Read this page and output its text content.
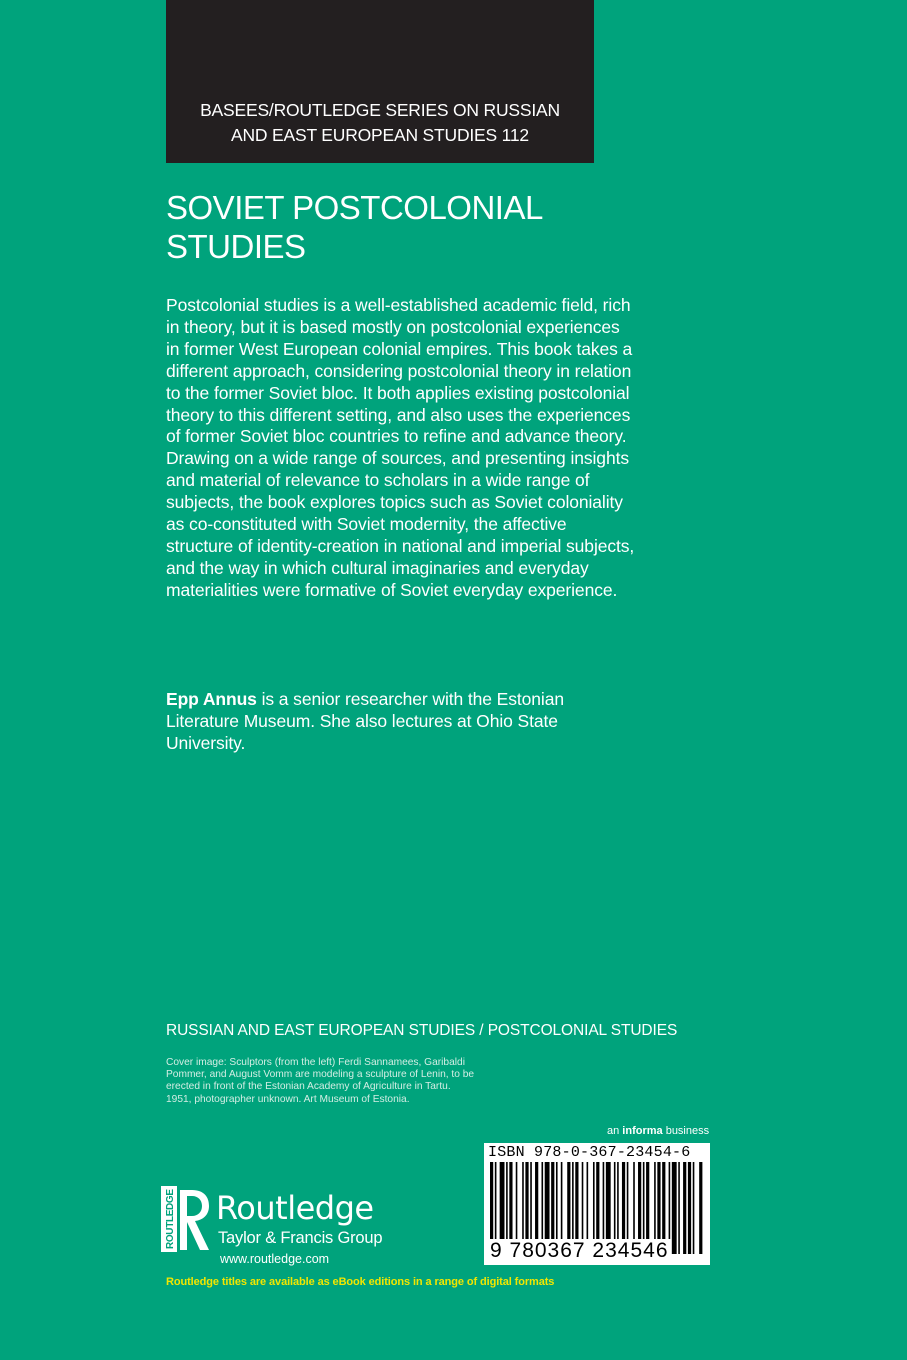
BASEES/ROUTLEDGE SERIES ON RUSSIAN
AND EAST EUROPEAN STUDIES 112
SOVIET POSTCOLONIAL
STUDIES

Postcolonial studies is a well-established academic field, rich in theory, but it is based mostly on postcolonial experiences in former West European colonial empires. This book takes a different approach, considering postcolonial theory in relation to the former Soviet bloc. It both applies existing postcolonial theory to this different setting, and also uses the experiences of former Soviet bloc countries to refine and advance theory. Drawing on a wide range of sources, and presenting insights and material of relevance to scholars in a wide range of subjects, the book explores topics such as Soviet coloniality as co-constituted with Soviet modernity, the affective structure of identity-creation in national and imperial subjects, and the way in which cultural imaginaries and everyday materialities were formative of Soviet everyday experience.

Epp Annus is a senior researcher with the Estonian Literature Museum. She also lectures at Ohio State University.

RUSSIAN AND EAST EUROPEAN STUDIES / POSTCOLONIAL STUDIES
Cover image: Sculptors (from the left) Ferdi Sannamees, Garibaldi Pommer, and August Vomm are modeling a sculpture of Lenin, to be erected in front of the Estonian Academy of Agriculture in Tartu. 1951, photographer unknown. Art Museum of Estonia.
an informa business
ISBN 978-0-367-23454-6
9 780367 234546
ROUTLEDGE Routledge
Taylor & Francis Group
www.routledge.com
Routledge titles are available as eBook editions in a range of digital formats
